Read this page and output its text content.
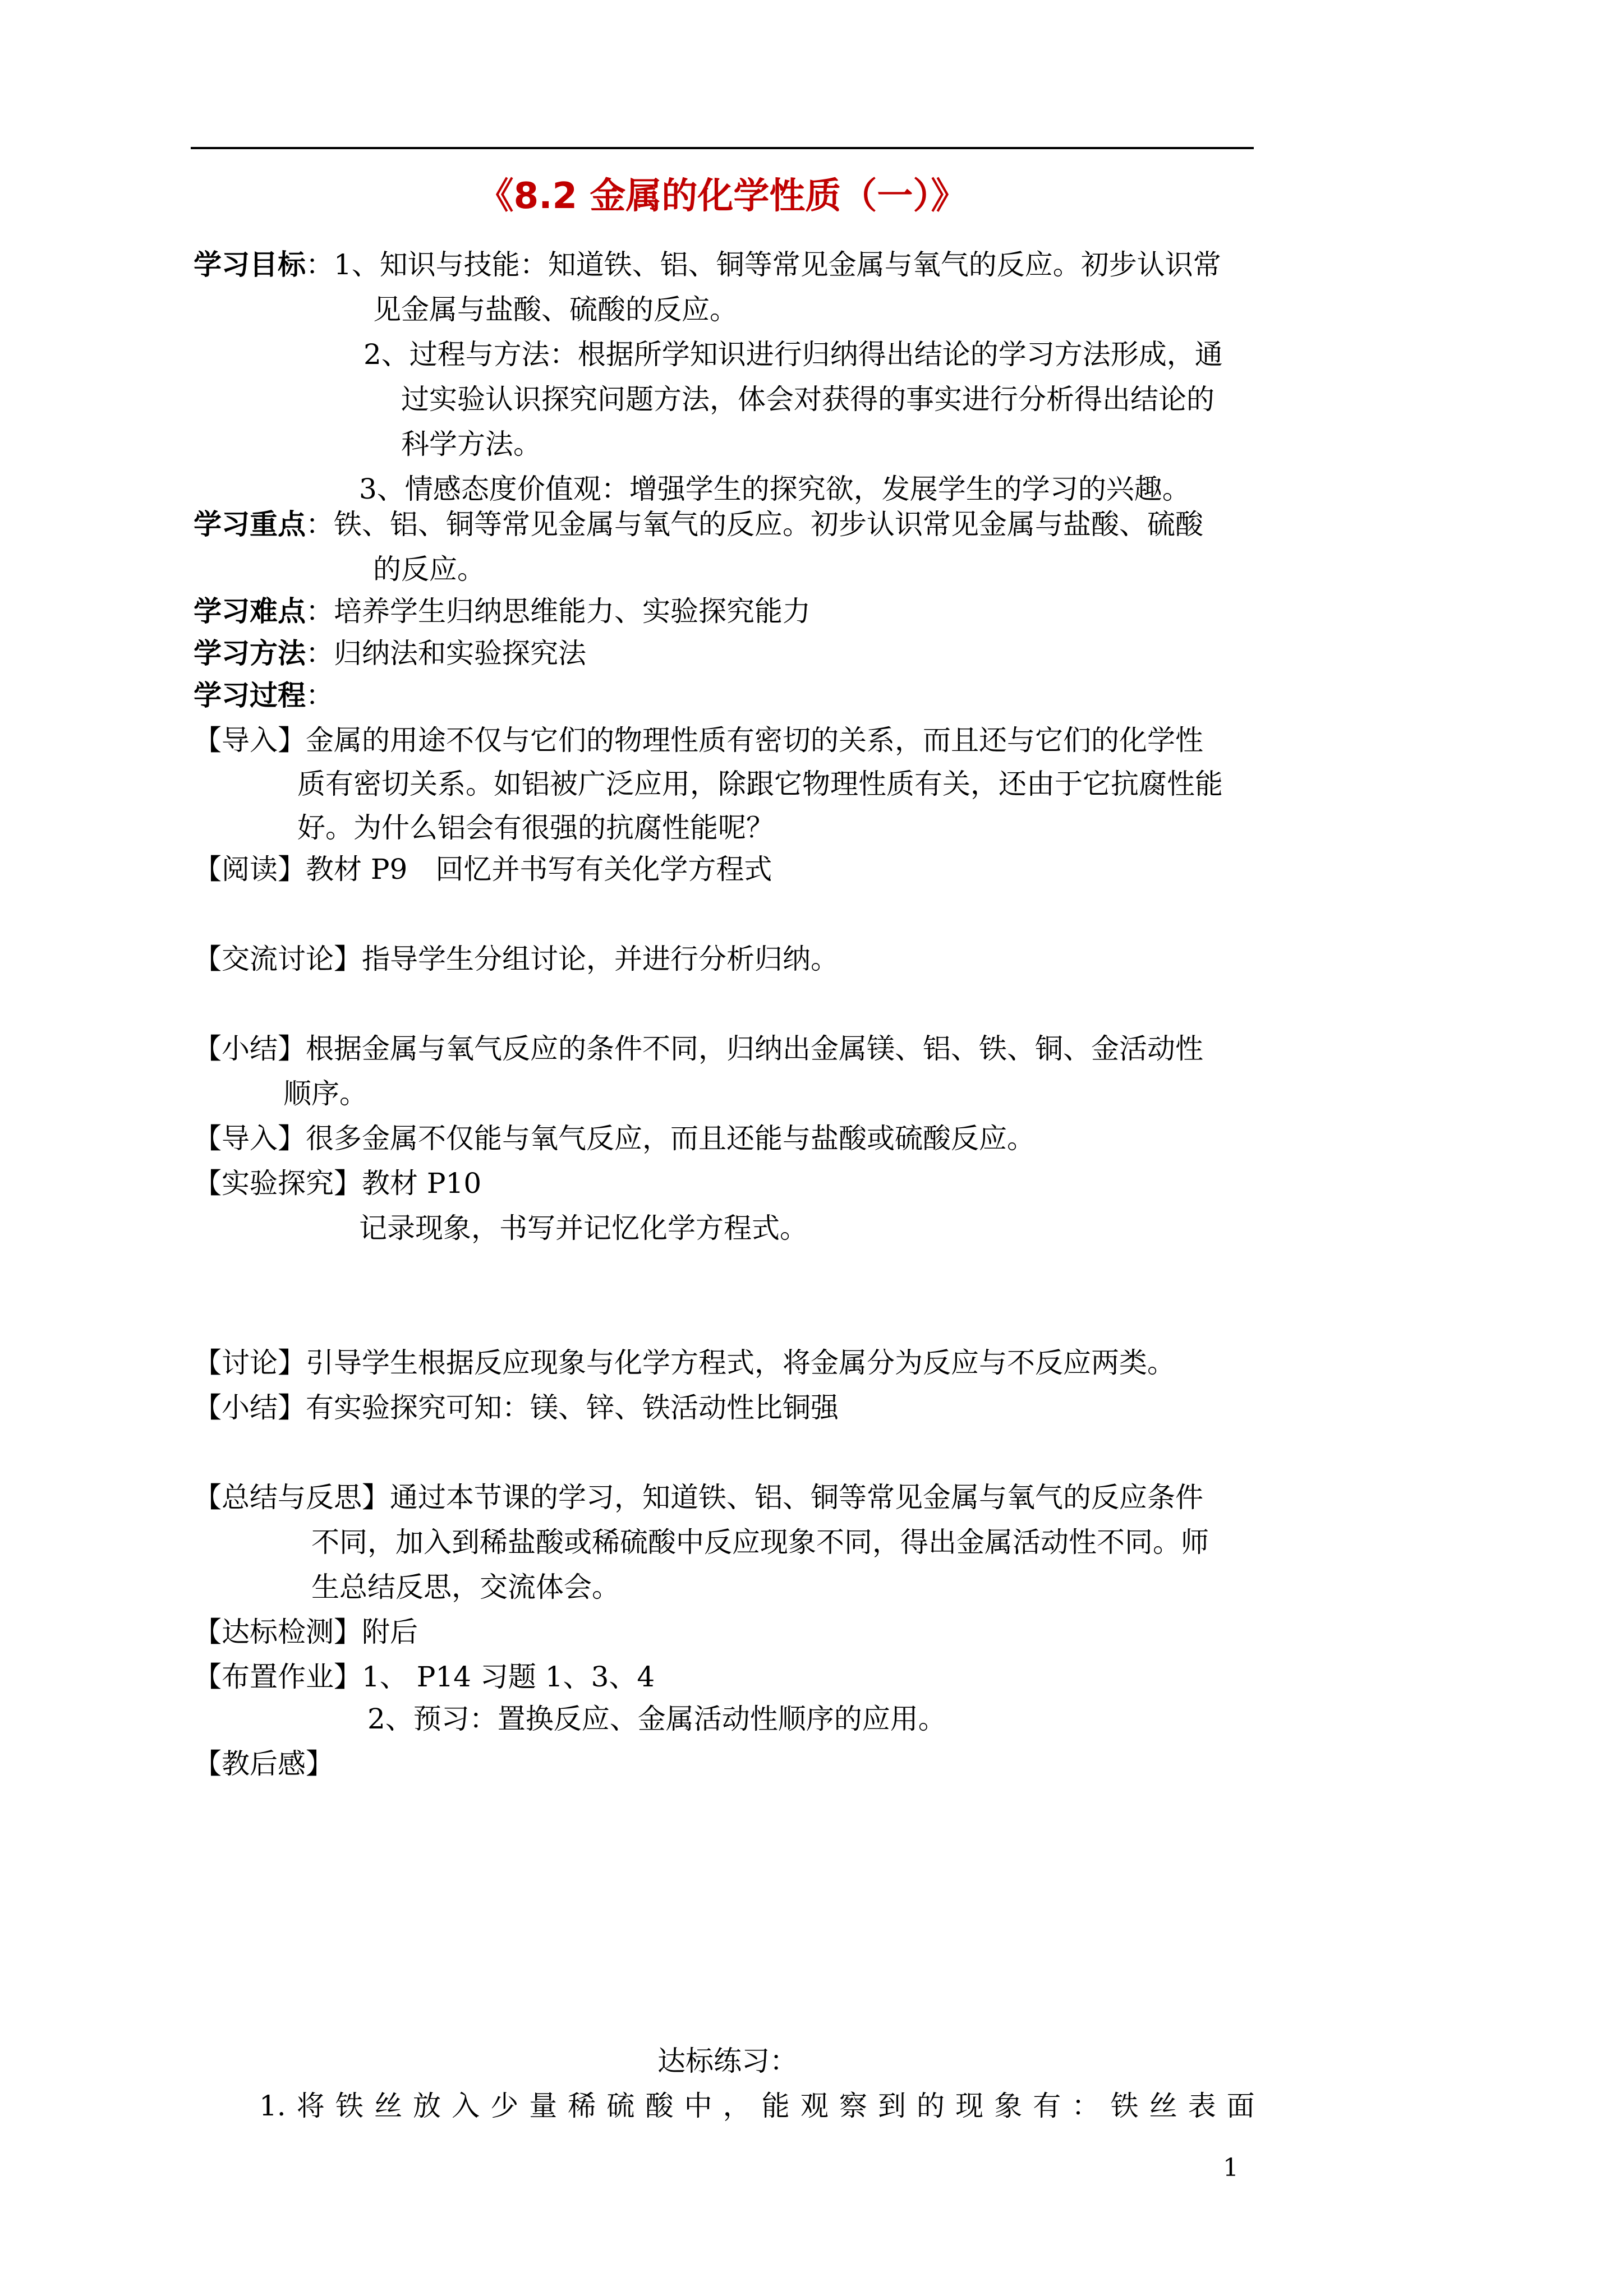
《8.2 金属的化学性质（一）》
学习目标：1、知识与技能：知道铁、铝、铜等常见金属与氧气的反应。初步认识常
见金属与盐酸、硫酸的反应。
2、过程与方法：根据所学知识进行归纳得出结论的学习方法形成，通
过实验认识探究问题方法，体会对获得的事实进行分析得出结论的
科学方法。
3、情感态度价值观：增强学生的探究欲，发展学生的学习的兴趣。
学习重点：铁、铝、铜等常见金属与氧气的反应。初步认识常见金属与盐酸、硫酸
的反应。
学习难点：培养学生归纳思维能力、实验探究能力
学习方法：归纳法和实验探究法
学习过程：
【导入】金属的用途不仅与它们的物理性质有密切的关系，而且还与它们的化学性
质有密切关系。如铝被广泛应用，除跟它物理性质有关，还由于它抗腐性能
好。为什么铝会有很强的抗腐性能呢？
【阅读】教材 P9　回忆并书写有关化学方程式
【交流讨论】指导学生分组讨论，并进行分析归纳。
【小结】根据金属与氧气反应的条件不同，归纳出金属镁、铝、铁、铜、金活动性
顺序。
【导入】很多金属不仅能与氧气反应，而且还能与盐酸或硫酸反应。
【实验探究】教材 P10
记录现象，书写并记忆化学方程式。
【讨论】引导学生根据反应现象与化学方程式，将金属分为反应与不反应两类。
【小结】有实验探究可知：镁、锌、铁活动性比铜强
【总结与反思】通过本节课的学习，知道铁、铝、铜等常见金属与氧气的反应条件
不同，加入到稀盐酸或稀硫酸中反应现象不同，得出金属活动性不同。师
生总结反思，交流体会。
【达标检测】附后
【布置作业】1、 P14 习题 1、3、4
2、预习：置换反应、金属活动性顺序的应用。
【教后感】
达标练习：
1. 将 铁 丝 放 入 少 量 稀 硫 酸 中 ， 能 观 察 到 的 现 象 有 ： 铁 丝 表 面
1
